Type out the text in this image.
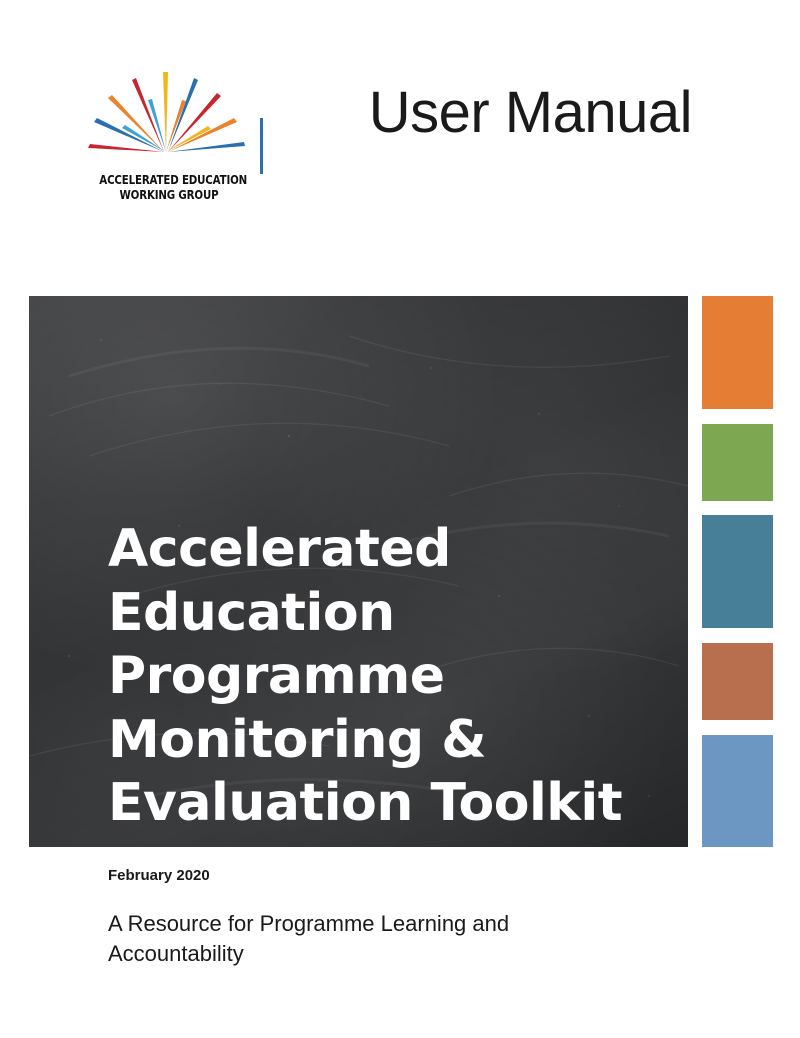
ACCELERATED EDUCATION
WORKING GROUP
User Manual
Accelerated
Education
Programme
Monitoring &
Evaluation Toolkit
February 2020
A Resource for Programme Learning and
Accountability
